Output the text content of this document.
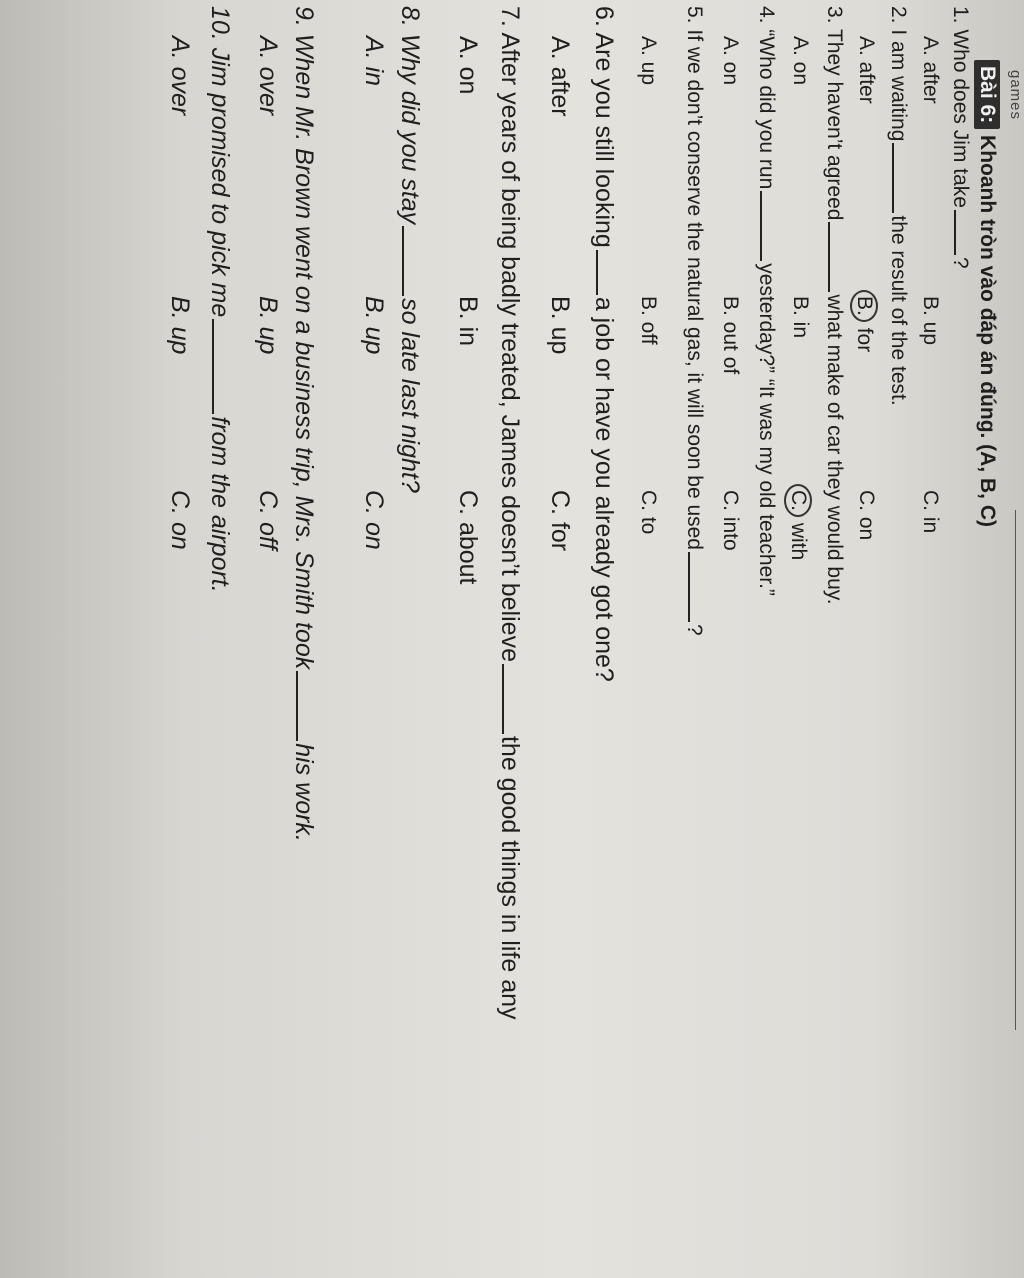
games
Bài 6: Khoanh tròn vào đáp án đúng. (A, B, C)
1. Who does Jim take?
A. after
B. up
C. in
2. I am waitingthe result of the test.
A. after
B. for
C. on
3. They haven’t agreedwhat make of car they would buy.
A. on
B. in
C. with
4. “Who did you runyesterday?” “It was my old teacher.”
A. on
B. out of
C. into
5. If we don’t conserve the natural gas, it will soon be used?
A. up
B. off
C. to
6. Are you still lookinga job or have you already got one?
A. after
B. up
C. for
7. After years of being badly treated, James doesn’t believethe good things in life any
A. on
B. in
C. about
8. Why did you stayso late last night?
A. in
B. up
C. on
9. When Mr. Brown went on a business trip, Mrs. Smith tookhis work.
A. over
B. up
C. off
10. Jim promised to pick mefrom the airport.
A. over
B. up
C. on
